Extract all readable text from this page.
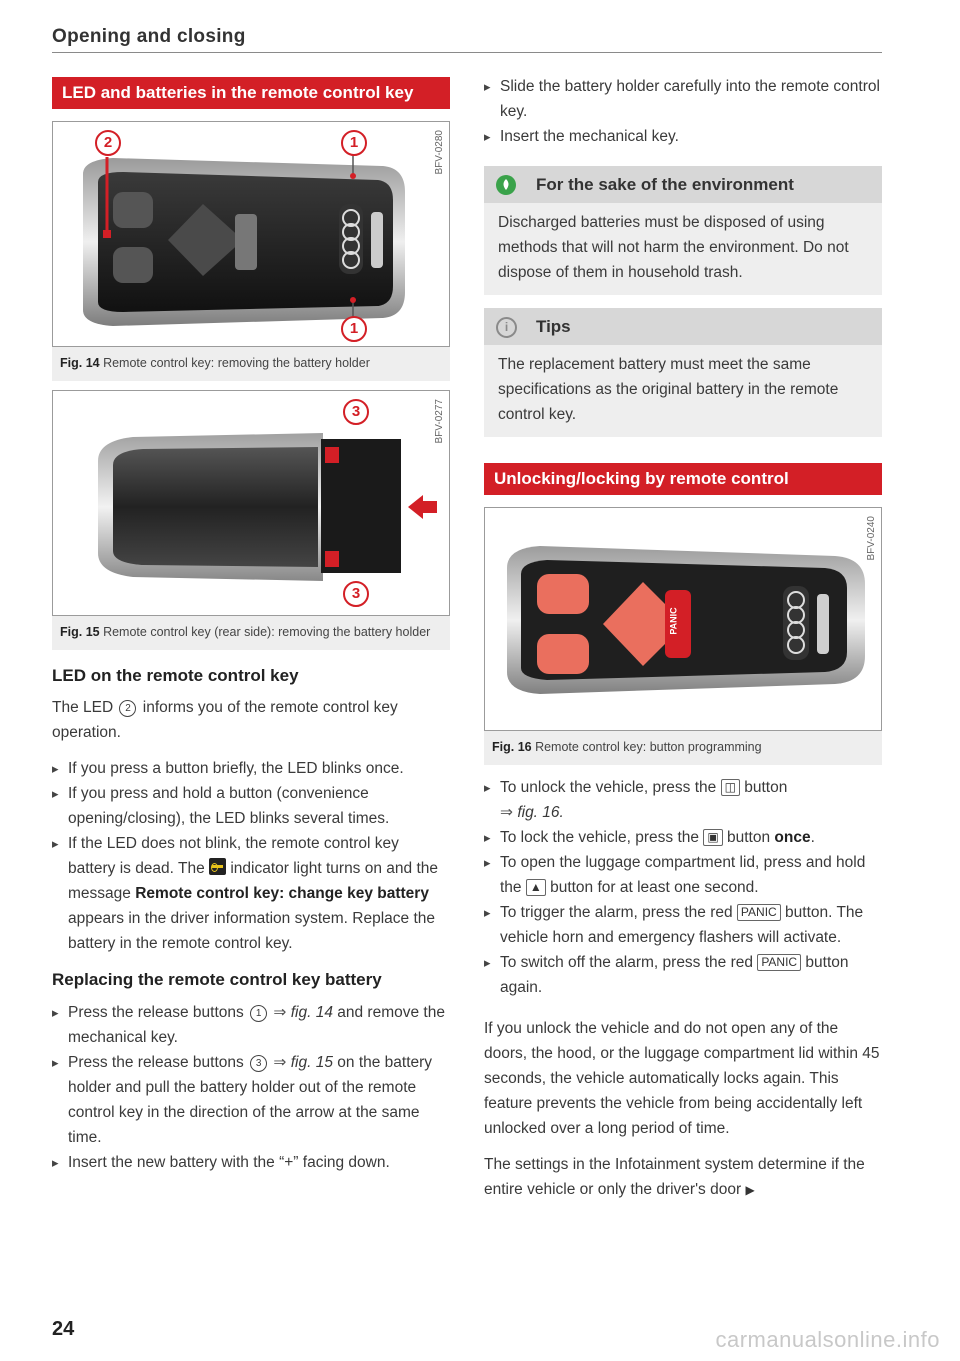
Opening and closing
LED and batteries in the remote control key
2	1
1
BFV-0280
Fig. 14 Remote control key: removing the battery holder
3
3
BFV-0277
Fig. 15 Remote control key (rear side): removing the battery holder
LED on the remote control key

The LED 2 informs you of the remote control key operation.

▸ If you press a button briefly, the LED blinks once.
▸ If you press and hold a button (convenience opening/closing), the LED blinks several times.
▸ If the LED does not blink, the remote control key battery is dead. The indicator light turns on and the message Remote control key: change key battery appears in the driver information system. Replace the battery in the remote control key.
Replacing the remote control key battery
▸ Press the release buttons 1 ⇒ fig. 14 and remove the mechanical key.
▸ Press the release buttons 3 ⇒ fig. 15 on the battery holder and pull the battery holder out of the remote control key in the direction of the arrow at the same time.
▸ Insert the new battery with the “+” facing down.
24
▸ Slide the battery holder carefully into the remote control key.
▸ Insert the mechanical key.
For the sake of the environment

Discharged batteries must be disposed of using methods that will not harm the environment. Do not dispose of them in household trash.

i	Tips

The replacement battery must meet the same specifications as the original battery in the remote control key.

Unlocking/locking by remote control
PANIC
BFV-0240
Fig. 16 Remote control key: button programming
▸ To unlock the vehicle, press the ◫ button
⇒ fig. 16.
▸ To lock the vehicle, press the ▣ button once.
▸ To open the luggage compartment lid, press and hold the ▲ button for at least one second.
▸ To trigger the alarm, press the red PANIC button. The vehicle horn and emergency flashers will activate.
▸ To switch off the alarm, press the red PANIC button again.

If you unlock the vehicle and do not open any of the doors, the hood, or the luggage compartment lid within 45 seconds, the vehicle automatically locks again. This feature prevents the vehicle from being accidentally left unlocked over a long period of time.

The settings in the Infotainment system determine if the entire vehicle or only the driver's door ▶

carmanualsonline.info
